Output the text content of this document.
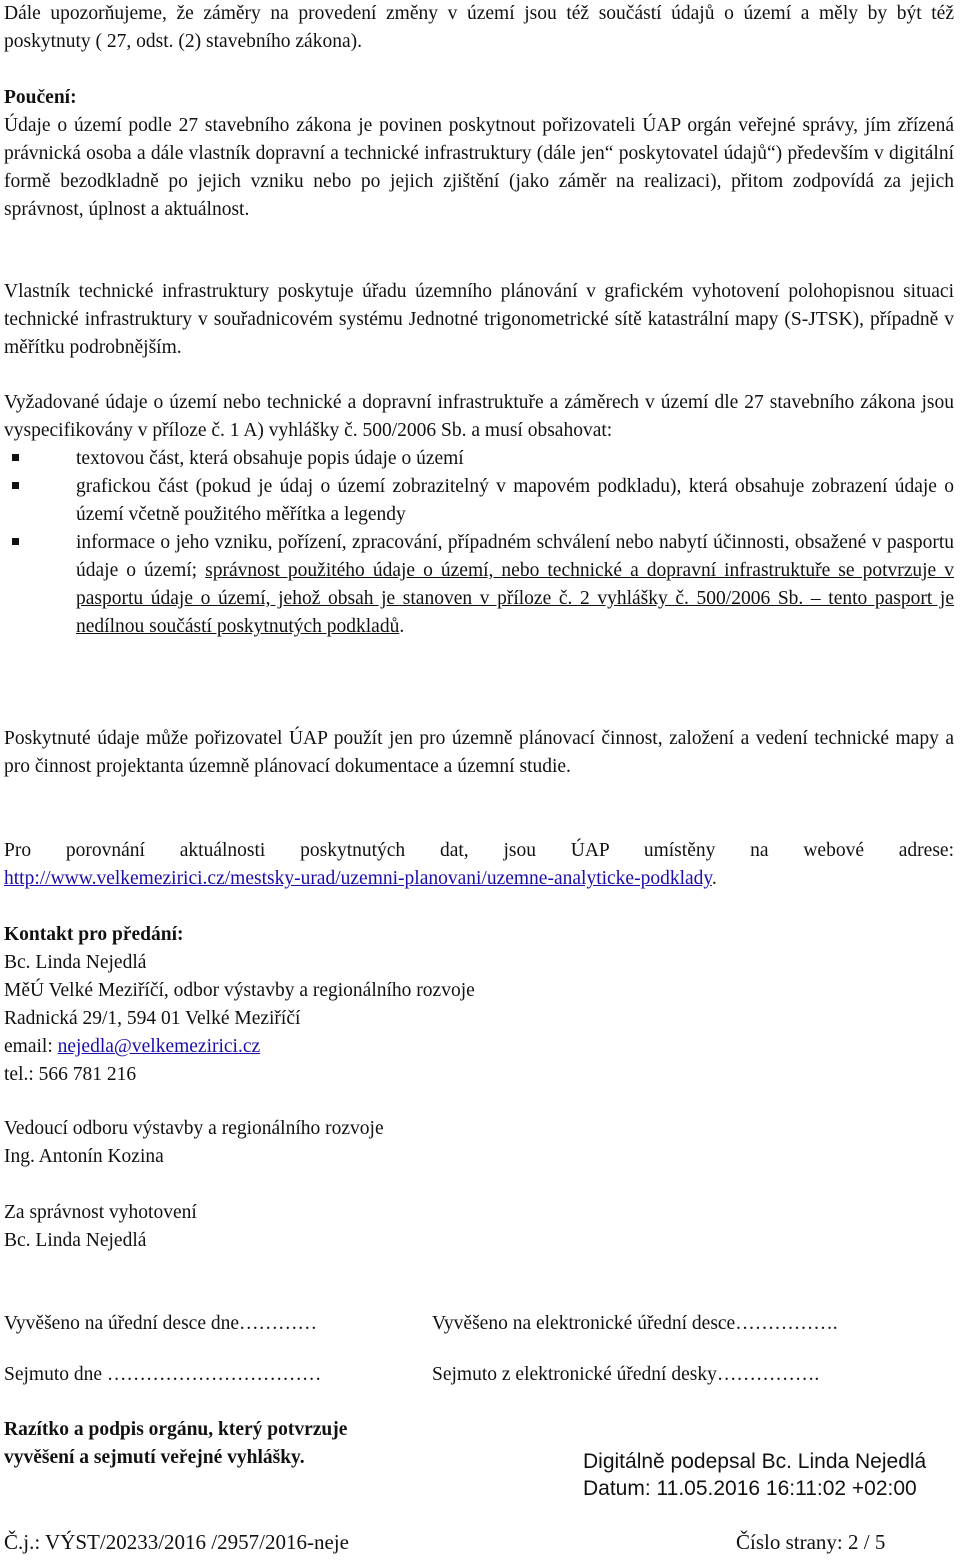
Dále upozorňujeme, že záměry na provedení změny v území jsou též součástí údajů o území a měly by být též poskytnuty ( 27, odst. (2) stavebního zákona).

Poučení:

Údaje o území podle 27 stavebního zákona je povinen poskytnout pořizovateli ÚAP orgán veřejné správy, jím zřízená právnická osoba a dále vlastník dopravní a technické infrastruktury (dále jen“ poskytovatel údajů“) především v digitální formě bezodkladně po jejich vzniku nebo po jejich zjištění (jako záměr na realizaci), přitom zodpovídá za jejich správnost, úplnost a aktuálnost.

Vlastník technické infrastruktury poskytuje úřadu územního plánování v grafickém vyhotovení polohopisnou situaci technické infrastruktury v souřadnicovém systému Jednotné trigonometrické sítě katastrální mapy (S-JTSK), případně v měřítku podrobnějším.

Vyžadované údaje o území nebo technické a dopravní infrastruktuře a záměrech v území dle 27 stavebního zákona jsou vyspecifikovány v příloze č. 1 A) vyhlášky č. 500/2006 Sb. a musí obsahovat:

textovou část, která obsahuje popis údaje o území
grafickou část (pokud je údaj o území zobrazitelný v mapovém podkladu), která obsahuje zobrazení údaje o území včetně použitého měřítka a legendy
informace o jeho vzniku, pořízení, zpracování, případném schválení nebo nabytí účinnosti, obsažené v pasportu údaje o území; správnost použitého údaje o území, nebo technické a dopravní infrastruktuře se potvrzuje v pasportu údaje o území, jehož obsah je stanoven v příloze č. 2 vyhlášky č. 500/2006 Sb. – tento pasport je nedílnou součástí poskytnutých podkladů.

Poskytnuté údaje může pořizovatel ÚAP použít jen pro územně plánovací činnost, založení a vedení technické mapy a pro činnost projektanta územně plánovací dokumentace a územní studie.

Pro porovnání aktuálnosti poskytnutých dat, jsou ÚAP umístěny na webové adrese: http://www.velkemezirici.cz/mestsky-urad/uzemni-planovani/uzemne-analyticke-podklady.

Kontakt pro předání:

Bc. Linda Nejedlá

MěÚ Velké Meziříčí, odbor výstavby a regionálního rozvoje

Radnická 29/1, 594 01 Velké Meziříčí

email: nejedla@velkemezirici.cz

tel.: 566 781 216

Vedoucí odboru výstavby a regionálního rozvoje

Ing. Antonín Kozina

Za správnost vyhotovení

Bc. Linda Nejedlá

Vyvěšeno na úřední desce dne…………	Vyvěšeno na elektronické úřední desce…………….
Sejmuto dne ……………………………	Sejmuto z elektronické úřední desky…………….
Razítko a podpis orgánu, který potvrzuje
vyvěšení a sejmutí veřejné vyhlášky.	Digitálně podepsal Bc. Linda Nejedlá
Datum: 11.05.2016 16:11:02 +02:00
Č.j.: VÝST/20233/2016 /2957/2016-neje	Číslo strany: 2 / 5
